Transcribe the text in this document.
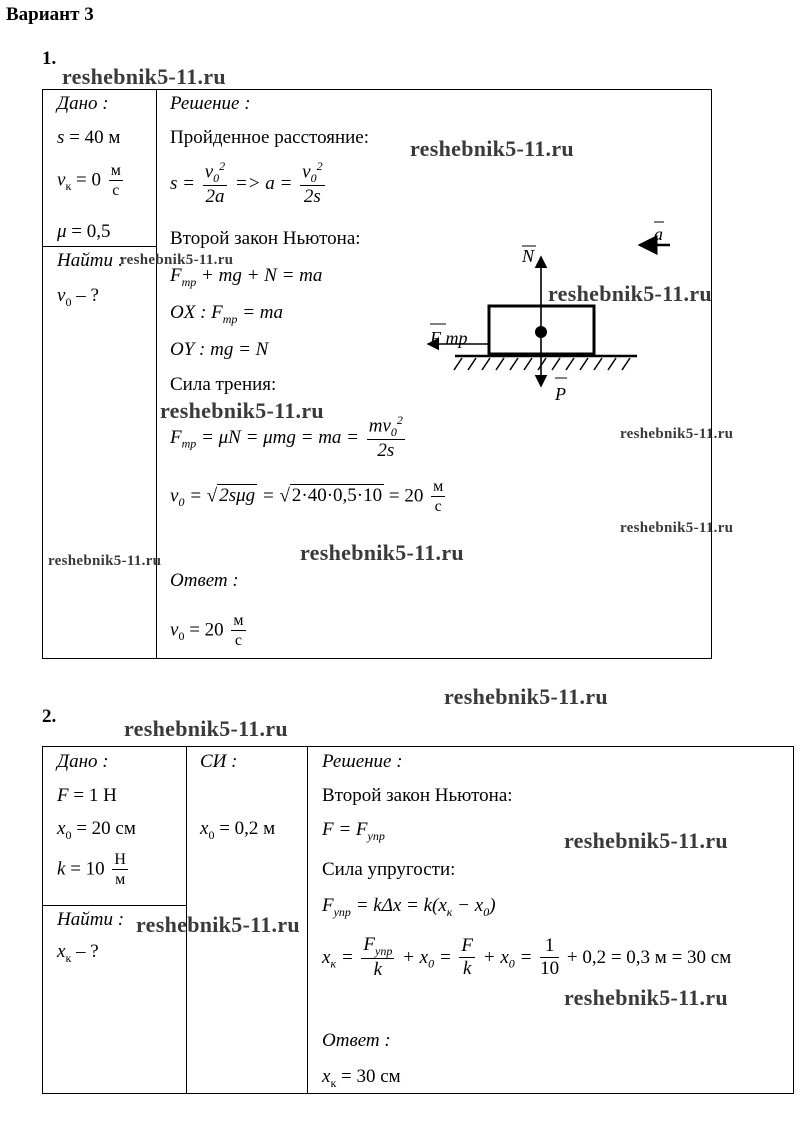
Вариант 3
1.
Дано :
s = 40 м
$v_к = 0 \frac{м}{с}$
μ = 0,5
Найти :
$v_0$ – ?
Решение :
Пройденное расстояние:
$s = \frac{v_0^2}{2a} => a = \frac{v_0^2}{2s}$
Второй закон Ньютона:
$F_{тр}$ + mg + N = ma
OX : $F_{тр}$ = ma
OY : mg = N
Сила трения:
$F_{тр} = \mu N = \mu mg$ = ma = $\frac{mv_0^2}{2s}$
$v_0$ = √ 2sμg = √ $2\cdot 40\cdot 0,5\cdot 10 = 20 \frac{м}{с}$
Ответ :
$v_0 = 20 \frac{м}{с}$
N
P
F тр
a
reshebnik5-11.ru
reshebnik5-11.ru
reshebnik5-11.ru
reshebnik5-11.ru
reshebnik5-11.ru
reshebnik5-11.ru
reshebnik5-11.ru
reshebnik5-11.ru
reshebnik5-11.ru
2.
reshebnik5-11.ru
reshebnik5-11.ru
Дано :
F = 1 Н
$x_0 = 20$ см
$k = 10 \frac{Н}{м}$
Найти :
$x_к$ – ?
СИ :
$x_0 = 0,2$ м
Решение :
Второй закон Ньютона:
$F = F_{упр}$
Сила упругости:
$F_{упр} = k\Delta x = k(x_к - x_0)$
$x_к = \frac{F_{упр}}{k} + x_0 = \frac{F}{k} + x_0 = \frac{1}{10} + 0,2 = 0,3$ м = 30 см
Ответ :
$x_к = 30$ см
reshebnik5-11.ru
reshebnik5-11.ru
reshebnik5-11.ru
